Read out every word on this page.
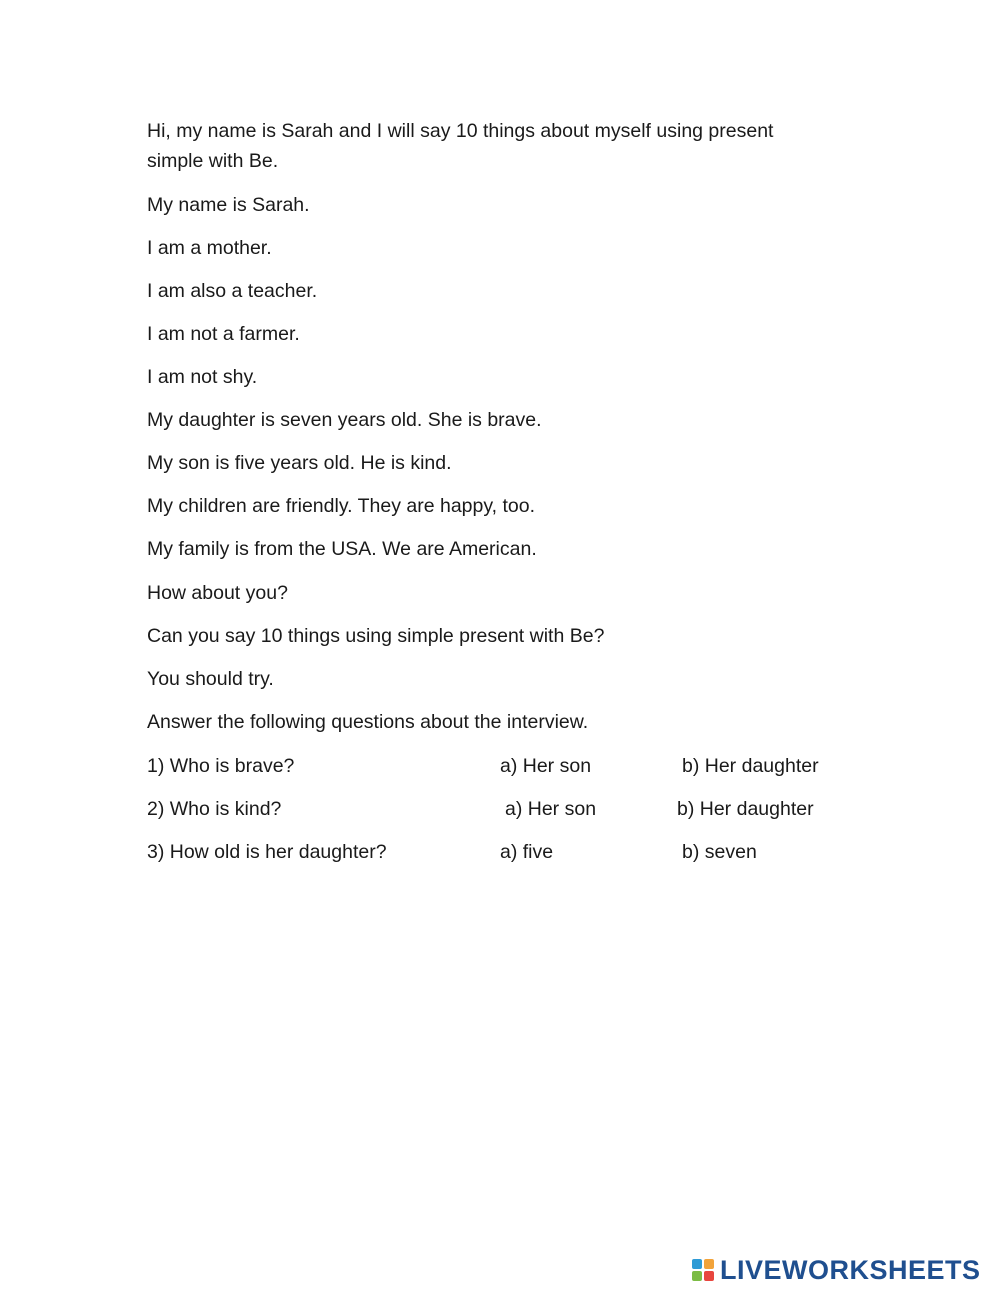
Hi, my name is Sarah and I will say 10 things about myself using present

simple with Be.

My name is Sarah.

I am a mother.

I am also a teacher.

I am not a farmer.

I am not shy.

My daughter is seven years old. She is brave.

My son is five years old. He is kind.

My children are friendly. They are happy, too.

My family is from the USA. We are American.

How about you?

Can you say 10 things using simple present with Be?

You should try.

Answer the following questions about the interview.

1) Who is brave?	a) Her son	b) Her daughter
2) Who is kind?	a) Her son	b) Her daughter
3) How old is her daughter?	a) five	b) seven
LIVEWORKSHEETS
